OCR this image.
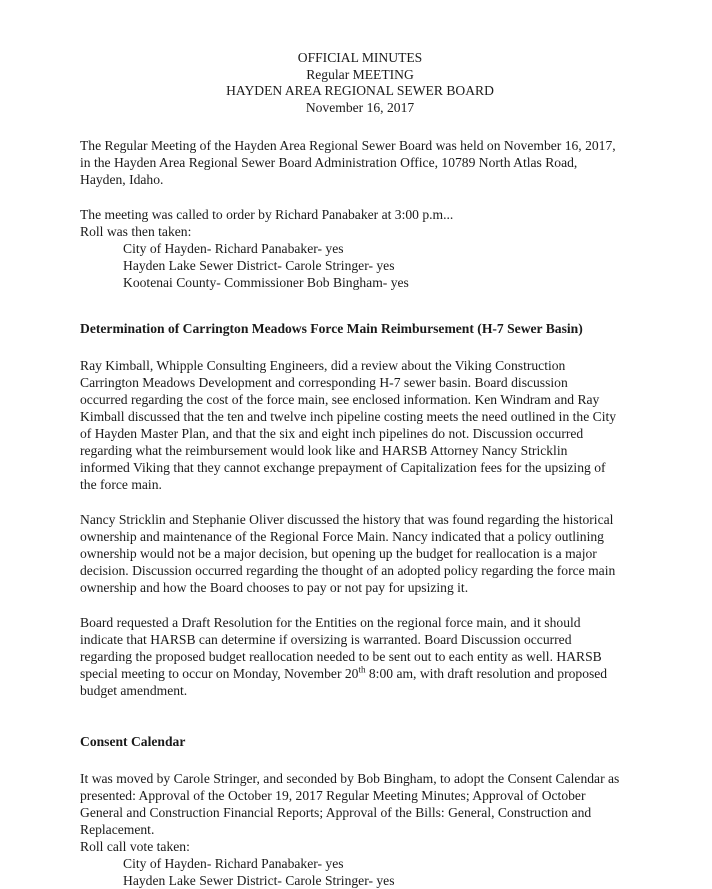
OFFICIAL MINUTES
Regular MEETING
HAYDEN AREA REGIONAL SEWER BOARD
November 16, 2017

The Regular Meeting of the Hayden Area Regional Sewer Board was held on November 16, 2017,

in the Hayden Area Regional Sewer Board Administration Office, 10789 North Atlas Road,

Hayden, Idaho.

The meeting was called to order by Richard Panabaker at 3:00 p.m...

Roll was then taken:

City of Hayden- Richard Panabaker- yes

Hayden Lake Sewer District- Carole Stringer- yes

Kootenai County- Commissioner Bob Bingham- yes

Determination of Carrington Meadows Force Main Reimbursement (H-7 Sewer Basin)

Ray Kimball, Whipple Consulting Engineers, did a review about the Viking Construction

Carrington Meadows Development and corresponding H-7 sewer basin. Board discussion

occurred regarding the cost of the force main, see enclosed information. Ken Windram and Ray

Kimball discussed that the ten and twelve inch pipeline costing meets the need outlined in the City

of Hayden Master Plan, and that the six and eight inch pipelines do not. Discussion occurred

regarding what the reimbursement would look like and HARSB Attorney Nancy Stricklin

informed Viking that they cannot exchange prepayment of Capitalization fees for the upsizing of

the force main.

Nancy Stricklin and Stephanie Oliver discussed the history that was found regarding the historical

ownership and maintenance of the Regional Force Main. Nancy indicated that a policy outlining

ownership would not be a major decision, but opening up the budget for reallocation is a major

decision. Discussion occurred regarding the thought of an adopted policy regarding the force main

ownership and how the Board chooses to pay or not pay for upsizing it.

Board requested a Draft Resolution for the Entities on the regional force main, and it should

indicate that HARSB can determine if oversizing is warranted. Board Discussion occurred

regarding the proposed budget reallocation needed to be sent out to each entity as well. HARSB

special meeting to occur on Monday, November 20th 8:00 am, with draft resolution and proposed

budget amendment.

Consent Calendar

It was moved by Carole Stringer, and seconded by Bob Bingham, to adopt the Consent Calendar as

presented: Approval of the October 19, 2017 Regular Meeting Minutes; Approval of October

General and Construction Financial Reports; Approval of the Bills: General, Construction and

Replacement.

Roll call vote taken:

City of Hayden- Richard Panabaker- yes

Hayden Lake Sewer District- Carole Stringer- yes
